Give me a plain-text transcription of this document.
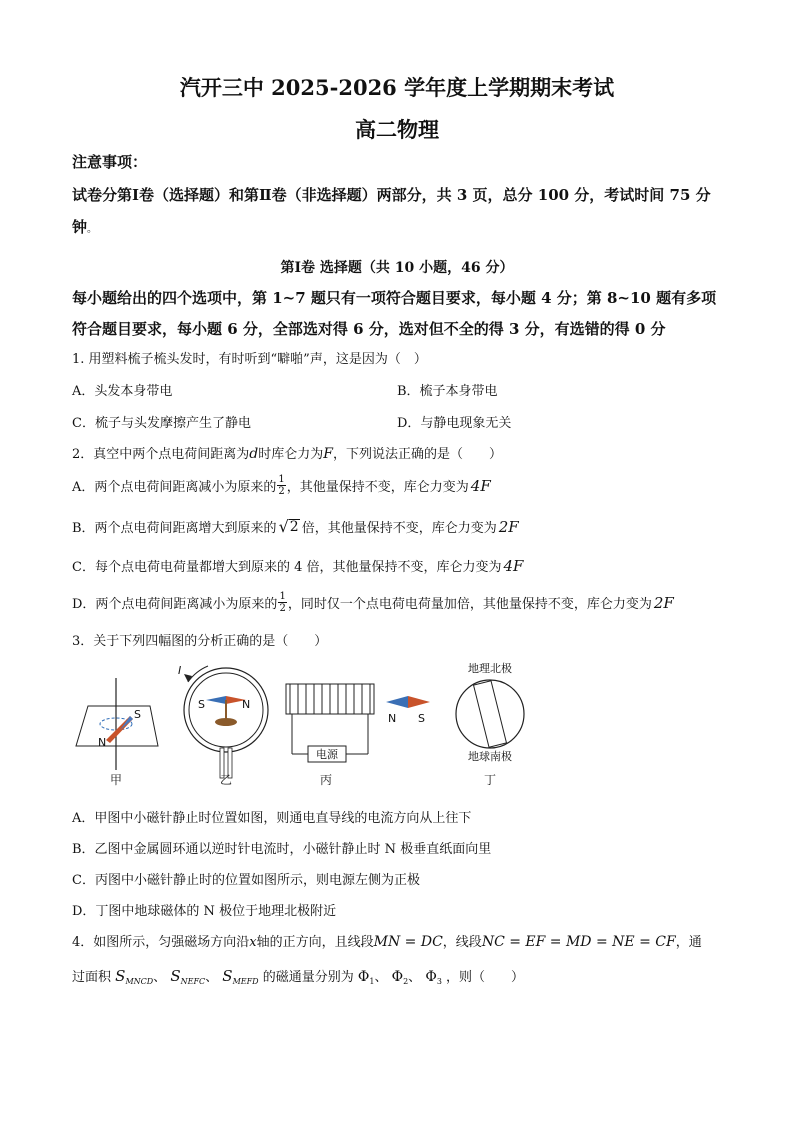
汽开三中 2025-2026 学年度上学期期末考试
高二物理
注意事项：
试卷分第Ⅰ卷（选择题）和第Ⅱ卷（非选择题）两部分，共 3 页，总分 100 分，考试时间 75 分
钟。
第Ⅰ卷 选择题（共 10 小题，46 分）
每小题给出的四个选项中，第 1~7 题只有一项符合题目要求，每小题 4 分；第 8~10 题有多项
符合题目要求，每小题 6 分，全部选对得 6 分，选对但不全的得 3 分，有选错的得 0 分
1. 用塑料梳子梳头发时，有时听到“噼啪”声，这是因为（　）
A．头发本身带电	B．梳子本身带电
C．梳子与头发摩擦产生了静电	D．与静电现象无关
2．真空中两个点电荷间距离为d时库仑力为F，下列说法正确的是（　　）
A．两个点电荷间距离减小为原来的 $\frac{1}{2}$ ，其他量保持不变，库仑力变为 4F
B．两个点电荷间距离增大到原来的 √ 2 倍，其他量保持不变，库仑力变为 2F
C．每个点电荷电荷量都增大到原来的 4 倍，其他量保持不变，库仑力变为 4F
D．两个点电荷间距离减小为原来的 $\frac{1}{2}$ ，同时仅一个点电荷电荷量加倍，其他量保持不变，库仑力变为 2F
3．关于下列四幅图的分析正确的是（　　）
S
N
甲
S	N
I
乙
电源
N S
丙
地理北极
地球南极
丁
A．甲图中小磁针静止时位置如图，则通电直导线的电流方向从上往下
B．乙图中金属圆环通以逆时针电流时，小磁针静止时 N 极垂直纸面向里
C．丙图中小磁针静止时的位置如图所示，则电源左侧为正极
D．丁图中地球磁体的 N 极位于地理北极附近
4．如图所示，匀强磁场方向沿x轴的正方向，且线段MN = DC，线段NC = EF = MD = NE = CF，通
过面积 $S_{MNCD}$、 $S_{NEFC}$、 $S_{MEFD}$ 的磁通量分别为 $\Phi_1$、 $\Phi_2$、 $\Phi_3$ ，则（　　）
